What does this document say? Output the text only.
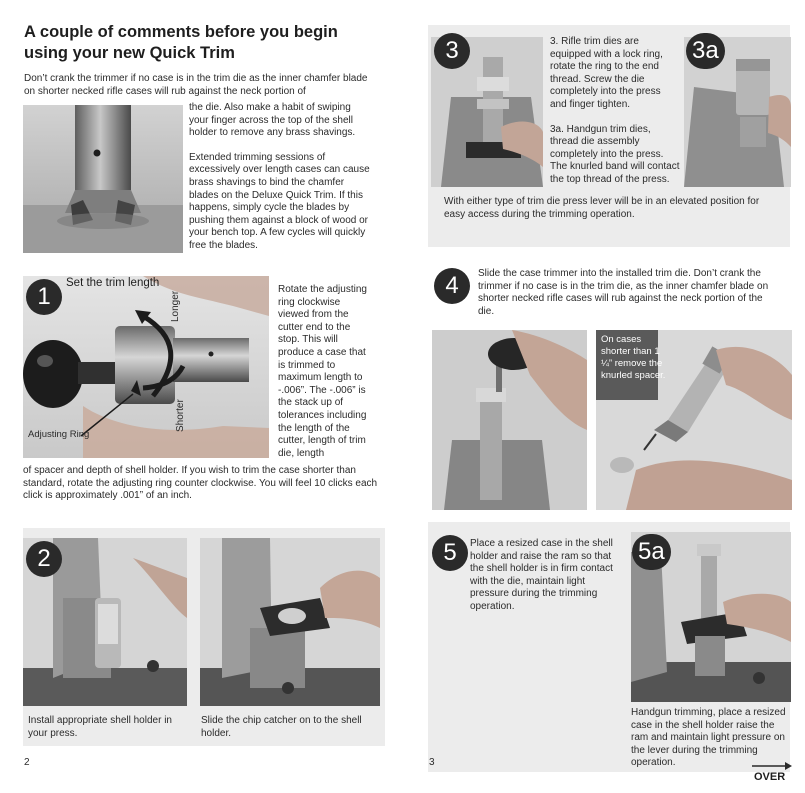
A couple of comments before you begin using your new Quick Trim
Don’t crank the trimmer if no case is in the trim die as the inner chamfer blade on shorter necked rifle cases will rub against the neck portion of

the die. Also make a habit of swiping your finger across the top of the shell holder to remove any brass shavings.

Extended trimming sessions of excessively over length cases can cause brass shavings to bind the chamfer blades on the Deluxe Quick Trim. If this happens, simply cycle the blades by pushing them against a block of wood or your bench top. A few cycles will quickly free the blades.

1	Set the trim length
Longer
Shorter
Adjusting Ring
Rotate the adjusting ring clockwise viewed from the cutter end to the stop. This will produce a case that is trimmed to maximum length to -.006”. The -.006” is the stack up of tolerances including the length of the cutter, length of trim die, length
of spacer and depth of shell holder. If you wish to trim the case shorter than standard, rotate the adjusting ring counter clockwise. You will feel 10 clicks each click is approximately .001” of an inch.
2
Install appropriate shell holder in your press.
Slide the chip catcher on to the shell holder.
2
3	3. Rifle trim dies are equipped with a lock ring, rotate the ring to the end thread. Screw the die completely into the press and finger tighten.

3a. Handgun trim dies, thread die assembly completely into the press. The knurled band will contact the top thread of the press.

3a
With either type of trim die press lever will be in an elevated position for easy access during the trimming operation.
4	Slide the case trimmer into the installed trim die. Don’t crank the trimmer if no case is in the trim die, as the inner chamfer blade on shorter necked rifle cases will rub against the neck portion of the die.
On cases shorter than 1 ¼” remove the knurled spacer.
5	Place a resized case in the shell holder and raise the ram so that the shell holder is in firm contact with the die, maintain light pressure during the trimming operation.
5a
Handgun trimming, place a resized case in the shell holder raise the ram and maintain light pressure on the lever during the trimming operation.
3
OVER
